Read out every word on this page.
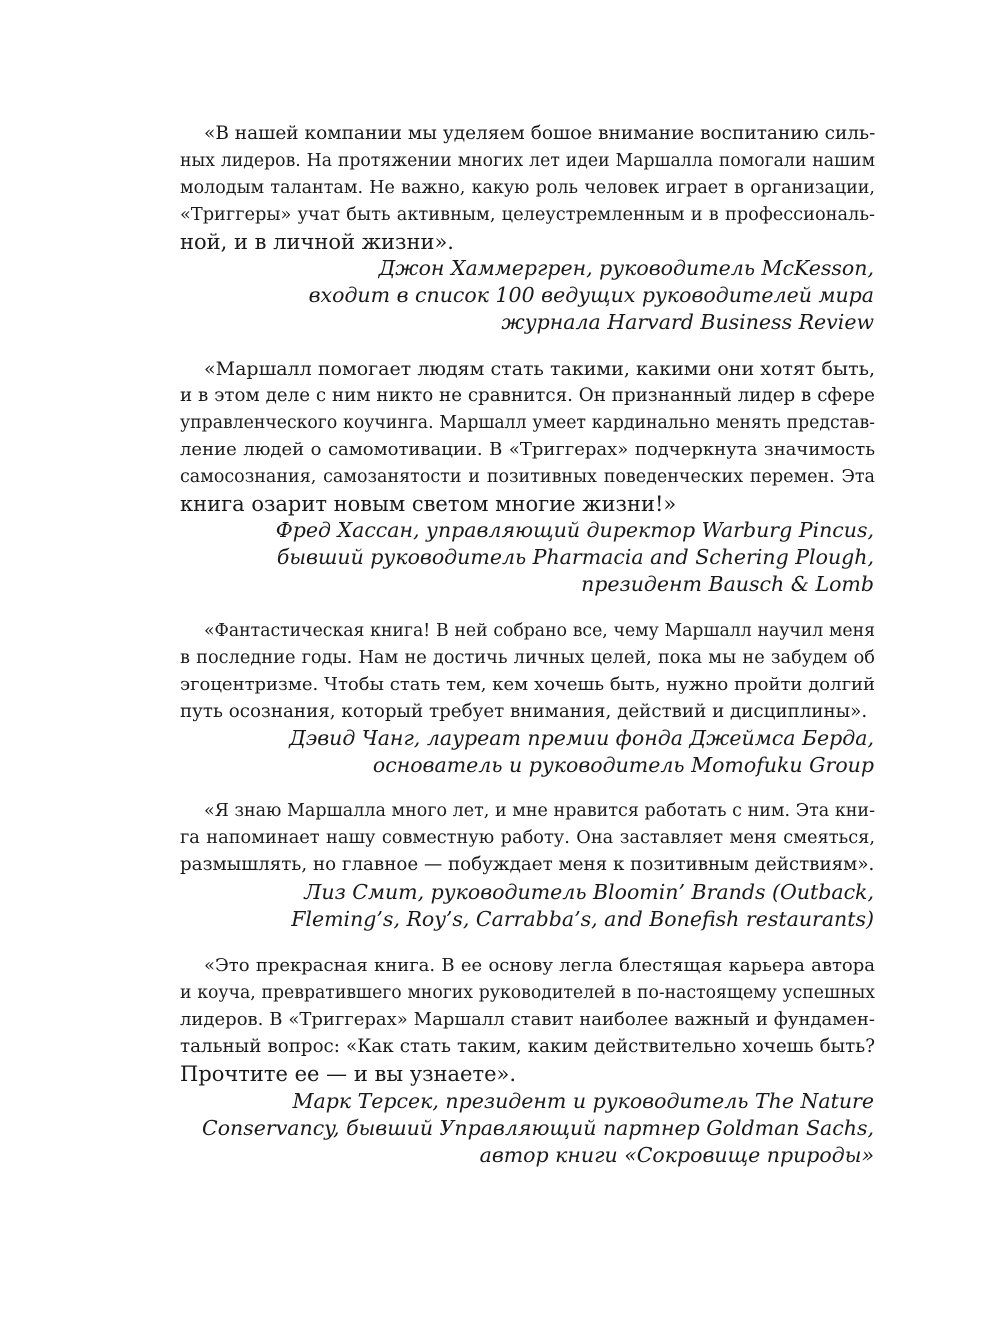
«В нашей компании мы уделяем бошое внимание воспитанию силь-
ных лидеров. На протяжении многих лет идеи Маршалла помогали нашим
молодым талантам. Не важно, какую роль человек играет в организации,
«Триггеры» учат быть активным, целеустремленным и в профессиональ-
ной, и в личной жизни».
Джон Хаммергрен, руководитель McKesson,
входит в список 100 ведущих руководителей мира
журнала Harvard Business Review
«Маршалл помогает людям стать такими, какими они хотят быть,
и в этом деле с ним никто не сравнится. Он признанный лидер в сфере
управленческого коучинга. Маршалл умеет кардинально менять представ-
ление людей о самомотивации. В «Триггерах» подчеркнута значимость
самосознания, самозанятости и позитивных поведенческих перемен. Эта
книга озарит новым светом многие жизни!»
Фред Хассан, управляющий директор Warburg Pincus,
бывший руководитель Pharmacia and Schering Plough,
президент Bausch & Lomb
«Фантастическая книга! В ней собрано все, чему Маршалл научил меня
в последние годы. Нам не достичь личных целей, пока мы не забудем об
эгоцентризме. Чтобы стать тем, кем хочешь быть, нужно пройти долгий
путь осознания, который требует внимания, действий и дисциплины».
Дэвид Чанг, лауреат премии фонда Джеймса Берда,
основатель и руководитель Momofuku Group
«Я знаю Маршалла много лет, и мне нравится работать с ним. Эта кни-
га напоминает нашу совместную работу. Она заставляет меня смеяться,
размышлять, но главное — побуждает меня к позитивным действиям».
Лиз Смит, руководитель Bloomin’ Brands (Outback,
Fleming’s, Roy’s, Carrabba’s, and Bonefish restaurants)
«Это прекрасная книга. В ее основу легла блестящая карьера автора
и коуча, превратившего многих руководителей в по-настоящему успешных
лидеров. В «Триггерах» Маршалл ставит наиболее важный и фундамен-
тальный вопрос: «Как стать таким, каким действительно хочешь быть?
Прочтите ее — и вы узнаете».
Марк Терсек, президент и руководитель The Nature
Conservancy, бывший Управляющий партнер Goldman Sachs,
автор книги «Сокровище природы»
